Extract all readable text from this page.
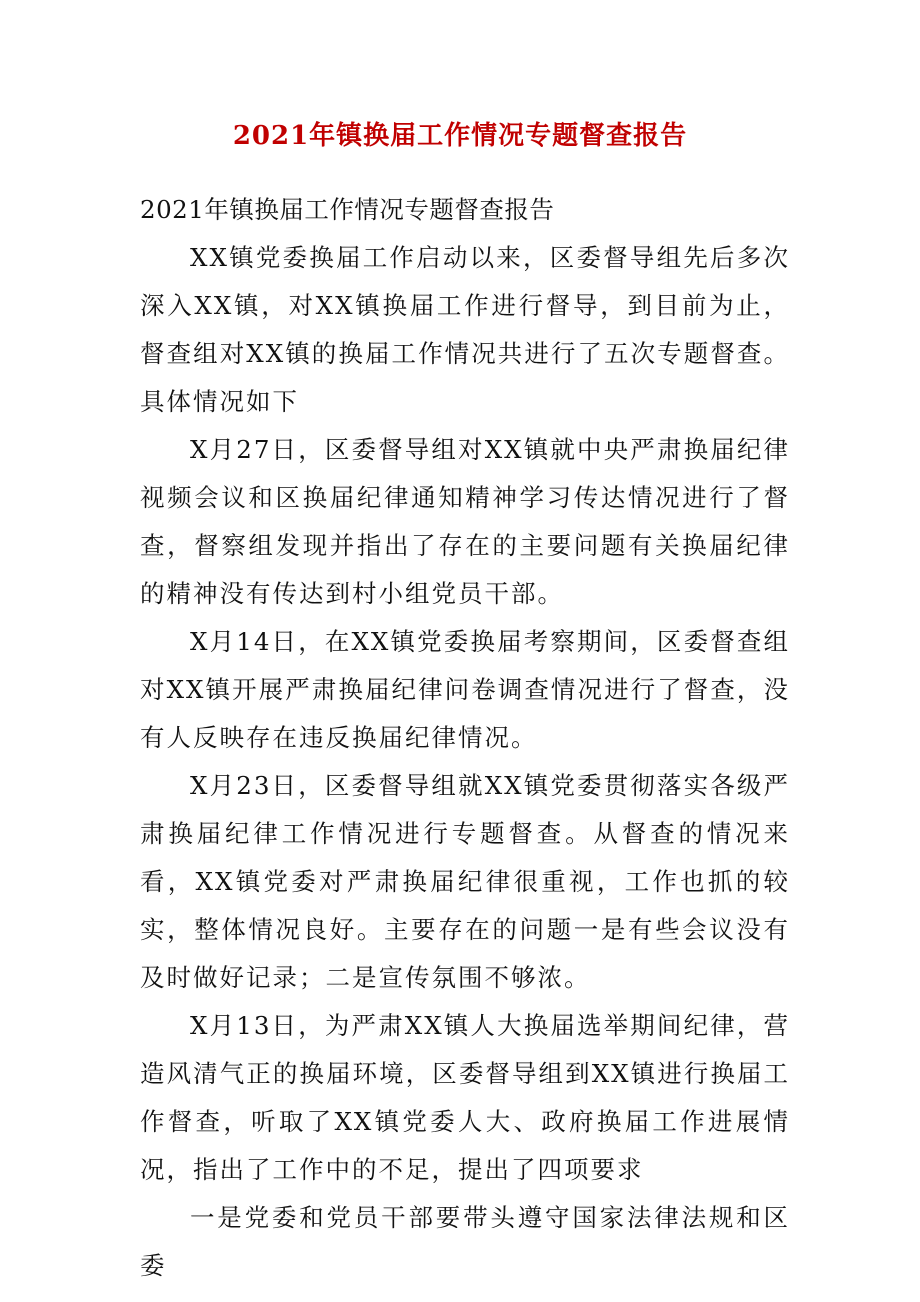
2021年镇换届工作情况专题督查报告

2021年镇换届工作情况专题督查报告

XX镇党委换届工作启动以来，区委督导组先后多次深入XX镇，对XX镇换届工作进行督导，到目前为止，督查组对XX镇的换届工作情况共进行了五次专题督查。具体情况如下

X月27日，区委督导组对XX镇就中央严肃换届纪律视频会议和区换届纪律通知精神学习传达情况进行了督查，督察组发现并指出了存在的主要问题有关换届纪律的精神没有传达到村小组党员干部。

X月14日，在XX镇党委换届考察期间，区委督查组对XX镇开展严肃换届纪律问卷调查情况进行了督查，没有人反映存在违反换届纪律情况。

X月23日，区委督导组就XX镇党委贯彻落实各级严肃换届纪律工作情况进行专题督查。从督查的情况来看，XX镇党委对严肃换届纪律很重视，工作也抓的较实，整体情况良好。主要存在的问题一是有些会议没有及时做好记录；二是宣传氛围不够浓。

X月13日，为严肃XX镇人大换届选举期间纪律，营造风清气正的换届环境，区委督导组到XX镇进行换届工作督查，听取了XX镇党委人大、政府换届工作进展情况，指出了工作中的不足，提出了四项要求

一是党委和党员干部要带头遵守国家法律法规和区委
